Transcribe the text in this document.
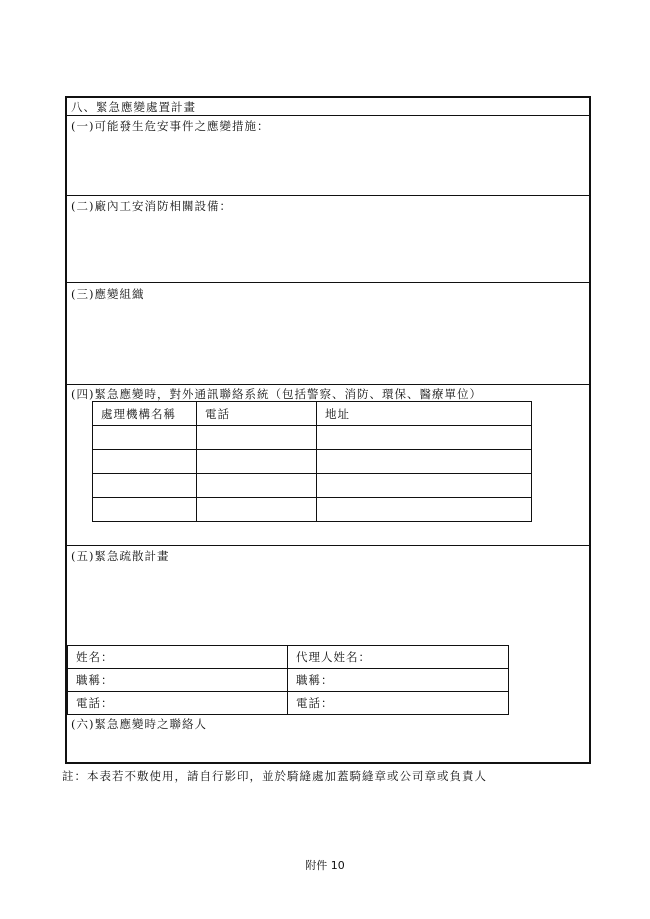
八、緊急應變處置計畫
(一)可能發生危安事件之應變措施：
(二)廠內工安消防相關設備：
(三)應變組織
(四)緊急應變時，對外通訊聯絡系統（包括警察、消防、環保、醫療單位）
(五)緊急疏散計畫
(六)緊急應變時之聯絡人
處理機構名稱	電話	地址

姓名：	代理人姓名：
職稱：	職稱：
電話：	電話：
註：本表若不敷使用，請自行影印，並於騎縫處加蓋騎縫章或公司章或負責人
附件 10
